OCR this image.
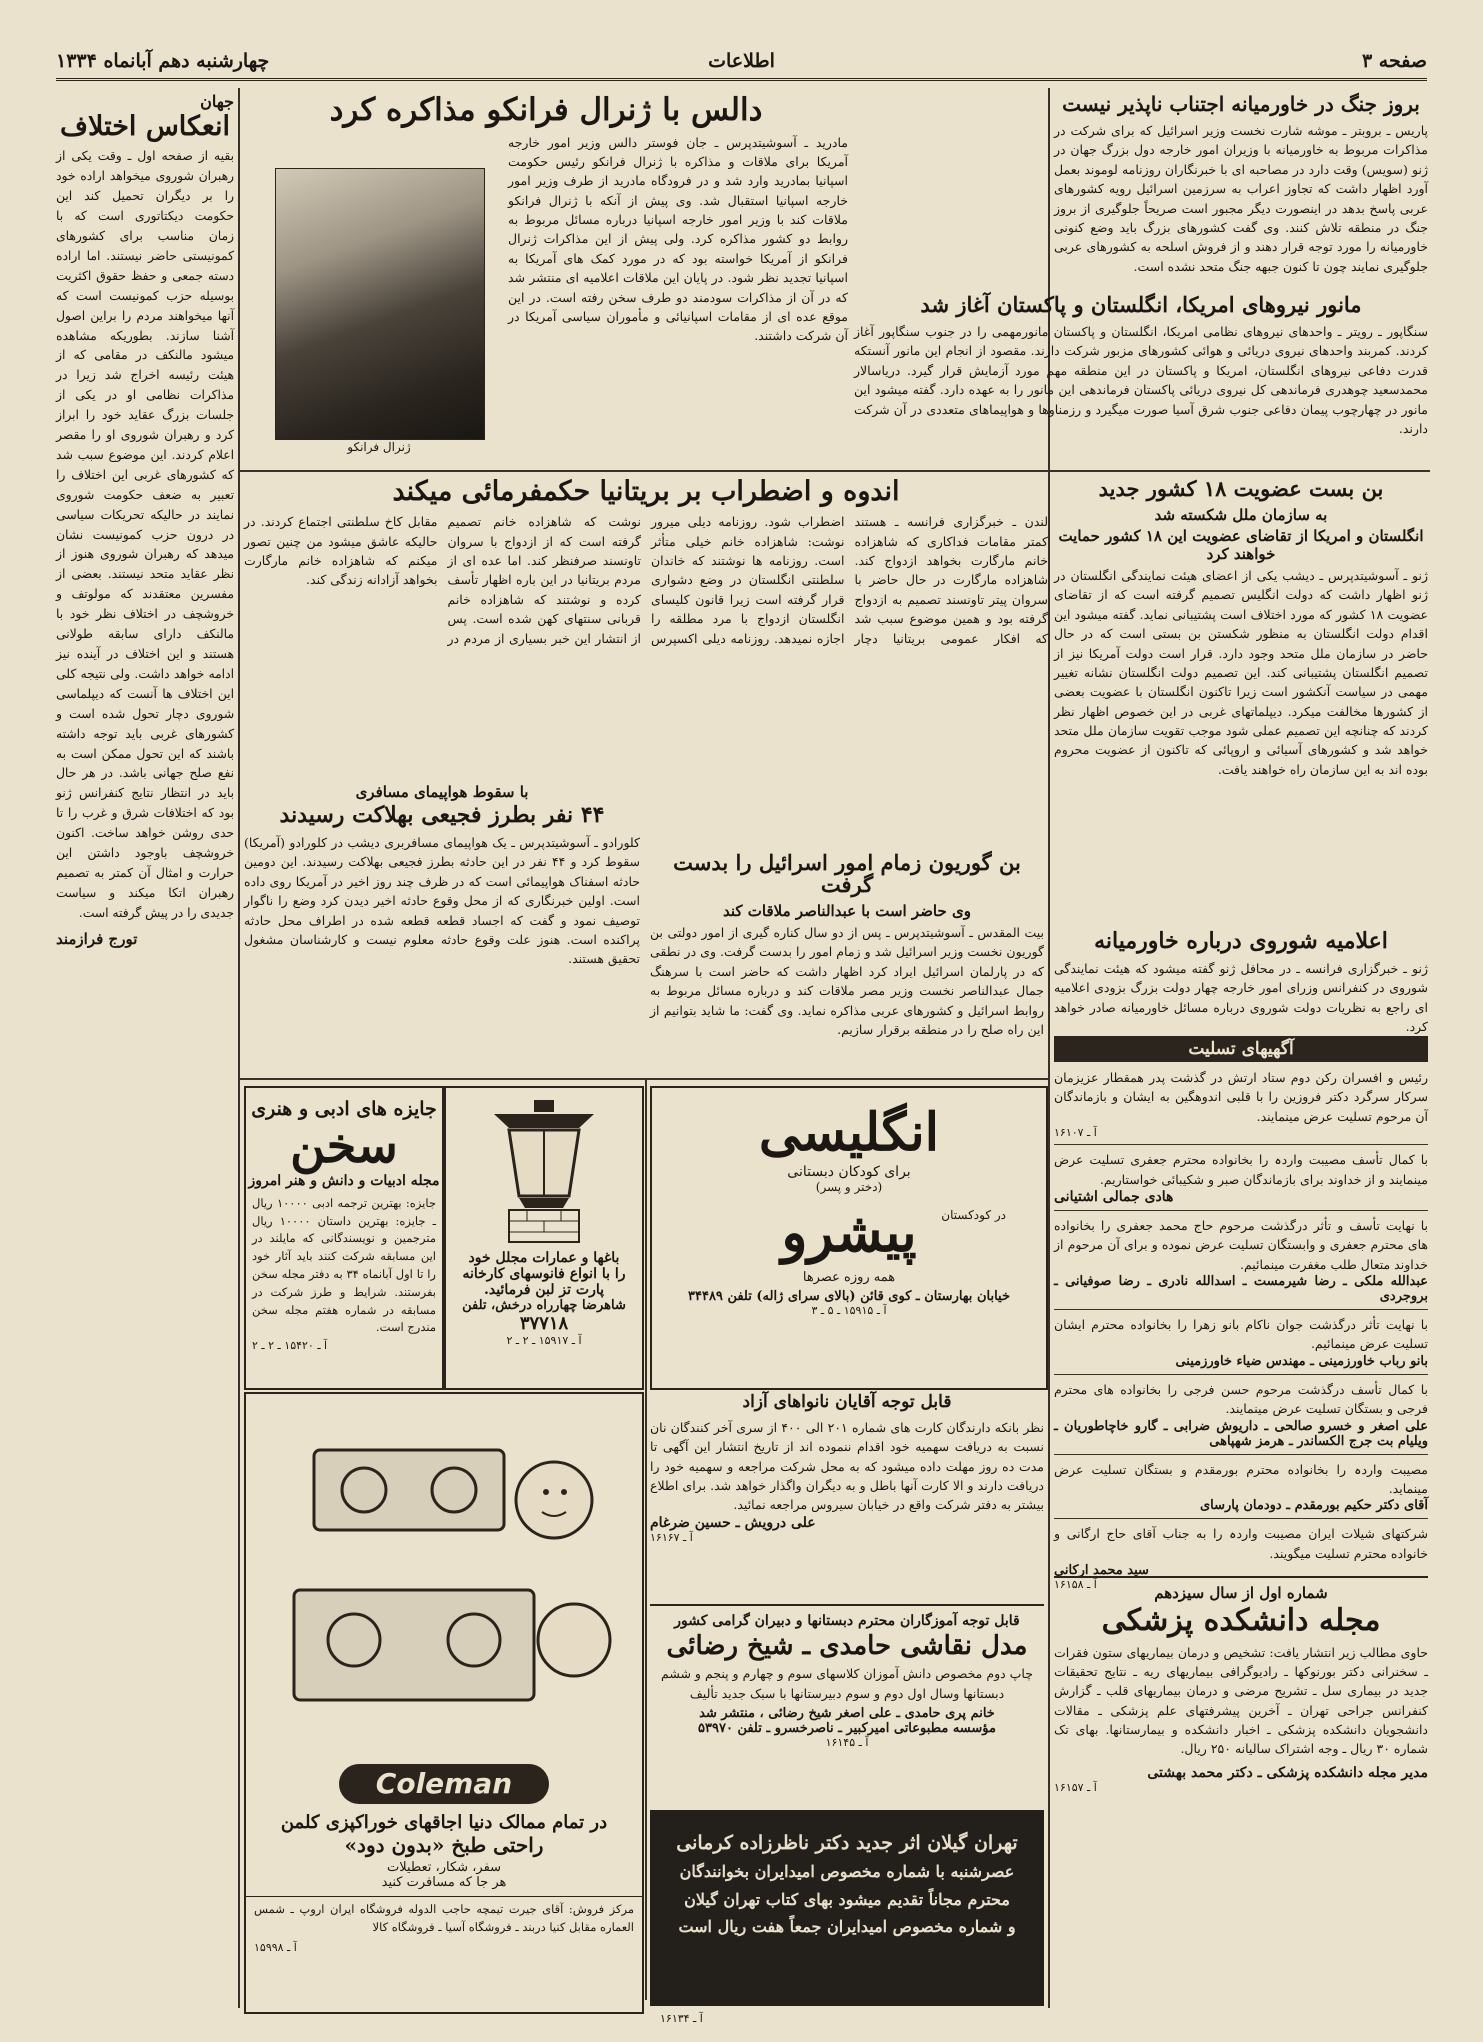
صفحه ۳
اطلاعات
چهارشنبه دهم آبانماه ۱۳۳۴
جهان
انعکاس اختلاف
بقیه از صفحه اول ـ وقت یکی از رهبران شوروی میخواهد اراده خود را بر دیگران تحمیل کند این حکومت دیکتاتوری است که با زمان مناسب برای کشورهای کمونیستی حاضر نیستند. اما اراده دسته جمعی و حفظ حقوق اکثریت بوسیله حزب کمونیست است که آنها میخواهند مردم را براین اصول آشنا سازند. بطوریکه مشاهده میشود مالنکف در مقامی که از هیئت رئیسه اخراج شد زیرا در مذاکرات نظامی او در یکی از جلسات بزرگ عقاید خود را ابراز کرد و رهبران شوروی او را مقصر اعلام کردند. این موضوع سبب شد که کشورهای غربی این اختلاف را تعبیر به ضعف حکومت شوروی نمایند در حالیکه تحریکات سیاسی در درون حزب کمونیست نشان میدهد که رهبران شوروی هنوز از نظر عقاید متحد نیستند. بعضی از مفسرین معتقدند که مولوتف و خروشچف در اختلاف نظر خود با مالنکف دارای سابقه طولانی هستند و این اختلاف در آینده نیز ادامه خواهد داشت. ولی نتیجه کلی این اختلاف ها آنست که دیپلماسی شوروی دچار تحول شده است و کشورهای غربی باید توجه داشته باشند که این تحول ممکن است به نفع صلح جهانی باشد. در هر حال باید در انتظار نتایج کنفرانس ژنو بود که اختلافات شرق و غرب را تا حدی روشن خواهد ساخت. اکنون خروشچف باوجود داشتن این حرارت و امثال آن کمتر به تصمیم رهبران اتکا میکند و سیاست جدیدی را در پیش گرفته است.
تورج فرازمند
بروز جنگ در خاورمیانه اجتناب ناپذیر نیست
پاریس ـ بروبتر ـ موشه شارت نخست وزیر اسرائیل که برای شرکت در مذاکرات مربوط به خاورمیانه با وزیران امور خارجه دول بزرگ جهان در ژنو (سویس) وقت دارد در مصاحبه ای با خبرنگاران روزنامه لوموند بعمل آورد اظهار داشت که تجاوز اعراب به سرزمین اسرائیل رویه کشورهای عربی پاسخ بدهد در اینصورت دیگر مجبور است صریحاً جلوگیری از بروز جنگ در منطقه تلاش کنند. وی گفت کشورهای بزرگ باید وضع کنونی خاورمیانه را مورد توجه قرار دهند و از فروش اسلحه به کشورهای عربی جلوگیری نمایند چون تا کنون جبهه جنگ متحد نشده است.
مانور نیروهای امریکا، انگلستان و پاکستان آغاز شد
سنگاپور ـ رویتر ـ واحدهای نیروهای نظامی امریکا، انگلستان و پاکستان مانورمهمی را در جنوب سنگاپور آغاز کردند. کمربند واحدهای نیروی دریائی و هوائی کشورهای مزبور شرکت دارند. مقصود از انجام این مانور آنستکه قدرت دفاعی نیروهای انگلستان، امریکا و پاکستان در این منطقه مهم مورد آزمایش قرار گیرد. دریاسالار محمدسعید چوهدری فرماندهی کل نیروی دریائی پاکستان فرماندهی این مانور را به عهده دارد. گفته میشود این مانور در چهارچوب پیمان دفاعی جنوب شرق آسیا صورت میگیرد و رزمناوها و هواپیماهای متعددی در آن شرکت دارند.
دالس با ژنرال فرانکو مذاکره کرد
مادرید ـ آسوشیتدپرس ـ جان فوستر دالس وزیر امور خارجه آمریکا برای ملاقات و مذاکره با ژنرال فرانکو رئیس حکومت اسپانیا بمادرید وارد شد و در فرودگاه مادرید از طرف وزیر امور خارجه اسپانیا استقبال شد. وی پیش از آنکه با ژنرال فرانکو ملاقات کند با وزیر امور خارجه اسپانیا درباره مسائل مربوط به روابط دو کشور مذاکره کرد. ولی پیش از این مذاکرات ژنرال فرانکو از آمریکا خواسته بود که در مورد کمک های آمریکا به اسپانیا تجدید نظر شود. در پایان این ملاقات اعلامیه ای منتشر شد که در آن از مذاکرات سودمند دو طرف سخن رفته است. در این موقع عده ای از مقامات اسپانیائی و مأموران سیاسی آمریکا در آن شرکت داشتند.
ژنرال فرانکو
اندوه و اضطراب بر بریتانیا حکمفرمائی میکند
لندن ـ خبرگزاری فرانسه ـ هستند کمتر مقامات فداکاری که شاهزاده خانم مارگارت بخواهد ازدواج کند. شاهزاده مارگارت در حال حاضر با سروان پیتر تاونسند تصمیم به ازدواج گرفته بود و همین موضوع سبب شد که افکار عمومی بریتانیا دچار اضطراب شود. روزنامه دیلی میرور نوشت: شاهزاده خانم خیلی متأثر است. روزنامه ها نوشتند که خاندان سلطنتی انگلستان در وضع دشواری قرار گرفته است زیرا قانون کلیسای انگلستان ازدواج با مرد مطلقه را اجازه نمیدهد. روزنامه دیلی اکسپرس نوشت که شاهزاده خانم تصمیم گرفته است که از ازدواج با سروان تاونسند صرفنظر کند. اما عده ای از مردم بریتانیا در این باره اظهار تأسف کرده و نوشتند که شاهزاده خانم قربانی سنتهای کهن شده است. پس از انتشار این خبر بسیاری از مردم در مقابل کاخ سلطنتی اجتماع کردند. در حالیکه عاشق میشود من چنین تصور میکنم که شاهزاده خانم مارگارت بخواهد آزادانه زندگی کند.
با سقوط هواپیمای مسافری
۴۴ نفر بطرز فجیعی بهلاکت رسیدند
کلورادو ـ آسوشیتدپرس ـ یک هواپیمای مسافربری دیشب در کلورادو (آمریکا) سقوط کرد و ۴۴ نفر در این حادثه بطرز فجیعی بهلاکت رسیدند. این دومین حادثه اسفناک هواپیمائی است که در ظرف چند روز اخیر در آمریکا روی داده است. اولین خبرنگاری که از محل وقوع حادثه اخیر دیدن کرد وضع را ناگوار توصیف نمود و گفت که اجساد قطعه قطعه شده در اطراف محل حادثه پراکنده است. هنوز علت وقوع حادثه معلوم نیست و کارشناسان مشغول تحقیق هستند.
بن گوریون زمام امور اسرائیل را بدست گرفت
وی حاضر است با عبدالناصر ملاقات کند
بیت المقدس ـ آسوشیتدپرس ـ پس از دو سال کناره گیری از امور دولتی بن گوریون نخست وزیر اسرائیل شد و زمام امور را بدست گرفت. وی در نطقی که در پارلمان اسرائیل ایراد کرد اظهار داشت که حاضر است با سرهنگ جمال عبدالناصر نخست وزیر مصر ملاقات کند و درباره مسائل مربوط به روابط اسرائیل و کشورهای عربی مذاکره نماید. وی گفت: ما شاید بتوانیم از این راه صلح را در منطقه برقرار سازیم.
بن بست عضویت ۱۸ کشور جدید
به سازمان ملل شکسته شد
انگلستان و امریکا از تقاضای عضویت این ۱۸ کشور حمایت خواهند کرد
ژنو ـ آسوشیتدپرس ـ دیشب یکی از اعضای هیئت نمایندگی انگلستان در ژنو اظهار داشت که دولت انگلیس تصمیم گرفته است که از تقاضای عضویت ۱۸ کشور که مورد اختلاف است پشتیبانی نماید. گفته میشود این اقدام دولت انگلستان به منظور شکستن بن بستی است که در حال حاضر در سازمان ملل متحد وجود دارد. قرار است دولت آمریکا نیز از تصمیم انگلستان پشتیبانی کند. این تصمیم دولت انگلستان نشانه تغییر مهمی در سیاست آنکشور است زیرا تاکنون انگلستان با عضویت بعضی از کشورها مخالفت میکرد. دیپلماتهای غربی در این خصوص اظهار نظر کردند که چنانچه این تصمیم عملی شود موجب تقویت سازمان ملل متحد خواهد شد و کشورهای آسیائی و اروپائی که تاکنون از عضویت محروم بوده اند به این سازمان راه خواهند یافت.
اعلامیه شوروی درباره خاورمیانه
ژنو ـ خبرگزاری فرانسه ـ در محافل ژنو گفته میشود که هیئت نمایندگی شوروی در کنفرانس وزرای امور خارجه چهار دولت بزرگ بزودی اعلامیه ای راجع به نظریات دولت شوروی درباره مسائل خاورمیانه صادر خواهد کرد.
آگهیهای تسلیت
رئیس و افسران رکن دوم ستاد ارتش در گذشت پدر همقطار عزیزمان سرکار سرگرد دکتر فروزین را با قلبی اندوهگین به ایشان و بازماندگان آن مرحوم تسلیت عرض مینمایند.
آ ـ ۱۶۱۰۷
با کمال تأسف مصیبت واردہ را بخانواده محترم جعفری تسلیت عرض مینمایند و از خداوند برای بازماندگان صبر و شکیبائی خواستاریم.
هادی جمالی اشتیانی
با نهایت تأسف و تأثر درگذشت مرحوم حاج محمد جعفری را بخانواده های محترم جعفری و وابستگان تسلیت عرض نموده و برای آن مرحوم از خداوند متعال طلب مغفرت مینمائیم.
عبدالله ملکی ـ رضا شیرمست ـ اسدالله نادری ـ رضا صوفیانی ـ بروجردی
با نهایت تأثر درگذشت جوان ناکام بانو زهرا را بخانواده محترم ایشان تسلیت عرض مینمائیم.
بانو رباب خاورزمینی ـ مهندس ضیاء خاورزمینی
با کمال تأسف درگذشت مرحوم حسن فرجی را بخانواده های محترم فرجی و بستگان تسلیت عرض مینمایند.
علی اصغر و خسرو صالحی ـ داریوش ضرابی ـ گارو خاچاطوریان ـ ویلیام بت جرج الکساندر ـ هرمز شهپاهی
مصیبت واردہ را بخانواده محترم بورمقدم و بستگان تسلیت عرض مینماید.
آقای دکتر حکیم بورمقدم ـ دودمان پارسای
شرکتهای شیلات ایران مصیبت واردہ را به جناب آقای حاج ارگانی و خانواده محترم تسلیت میگویند.
سید محمد ارکانی
آ ـ ۱۶۱۵۸	شماره اول از سال سیزدهم
مجله دانشکده پزشکی
حاوی مطالب زیر انتشار یافت: تشخیص و درمان بیماریهای ستون فقرات ـ سخنرانی دکتر بورنوکها ـ رادیوگرافی بیماریهای ریه ـ نتایج تحقیقات جدید در بیماری سل ـ تشریح مرضی و درمان بیماریهای قلب ـ گزارش کنفرانس جراحی تهران ـ آخرین پیشرفتهای علم پزشکی ـ مقالات دانشجویان دانشکده پزشکی ـ اخبار دانشکده و بیمارستانها. بهای تک شماره ۳۰ ریال ـ وجه اشتراک سالیانه ۲۵۰ ریال.
مدیر مجله دانشکده پزشکی ـ دکتر محمد بهشتی
آ ـ ۱۶۱۵۷
جایزه های ادبی و هنری
سخن
مجله ادبیات و دانش و هنر امروز
جایزه: بهترین ترجمه ادبی ۱۰۰۰۰ ریال ـ جایزه: بهترین داستان ۱۰۰۰۰ ریال مترجمین و نویسندگانی که مایلند در این مسابقه شرکت کنند باید آثار خود را تا اول آبانماه ۳۴ به دفتر مجله سخن بفرستند. شرایط و طرز شرکت در مسابقه در شماره هفتم مجله سخن مندرج است.
آ ـ ۱۵۴۲۰ ـ ۲ ـ ۲
باغها و عمارات مجلل خود
را با انواع فانوسهای کارخانه
پارت تز لبن فرمائید.
شاهرضا چهارراه درخش، تلفن
۳۷۷۱۸
آ ـ ۱۵۹۱۷ ـ ۲ ـ ۲
Coleman
در تمام ممالک دنیا اجاقهای خوراکپزی کلمن
راحتی طبخ «بدون دود»
سفر، شکار، تعطیلات
هر جا که مسافرت کنید
مرکز فروش: آقای جیرت تیمچه حاجب الدوله فروشگاه ایران اروپ ـ شمس العماره مقابل کنیا دربند ـ فروشگاه آسیا ـ فروشگاه کالا
آ ـ ۱۵۹۹۸
انگلیسی
برای کودکان دبستانی
(دختر و پسر)
در کودکستان
پیشرو
همه روزه عصرها
خیابان بهارستان ـ کوی قائن (بالای سرای ژاله) تلفن ۳۴۴۸۹
آ ـ ۱۵۹۱۵ ـ ۵ ـ ۳
قابل توجه آقایان نانواهای آزاد
نظر بانکه دارندگان کارت های شماره ۲۰۱ الی ۴۰۰ از سری آخر کنندگان نان نسبت به دریافت سهمیه خود اقدام ننموده اند از تاریخ انتشار این آگهی تا مدت ده روز مهلت داده میشود که به محل شرکت مراجعه و سهمیه خود را دریافت دارند و الا کارت آنها باطل و به دیگران واگذار خواهد شد. برای اطلاع بیشتر به دفتر شرکت واقع در خیابان سیروس مراجعه نمائید.
علی درویش ـ حسین ضرغام
آ ـ ۱۶۱۶۷
قابل توجه آموزگاران محترم دبستانها و دبیران گرامی کشور
مدل نقاشی حامدی ـ شیخ رضائی
چاپ دوم مخصوص دانش آموزان کلاسهای سوم و چهارم و پنجم و ششم دبستانها وسال اول دوم و سوم دبیرستانها با سبک جدید تألیف
خانم پری حامدی ـ علی اصغر شیخ رضائی ، منتشر شد
مؤسسه مطبوعاتی امیرکبیر ـ ناصرخسرو ـ تلفن ۵۳۹۷۰
آ ـ ۱۶۱۴۵
تهران گیلان اثر جدید دکتر ناظرزاده کرمانی
عصرشنبه با شماره مخصوص امیدایران بخوانندگان
محترم مجاناً تقدیم میشود بهای کتاب تهران گیلان
و شماره مخصوص امیدایران جمعاً هفت ریال است
آ ـ ۱۶۱۳۴
